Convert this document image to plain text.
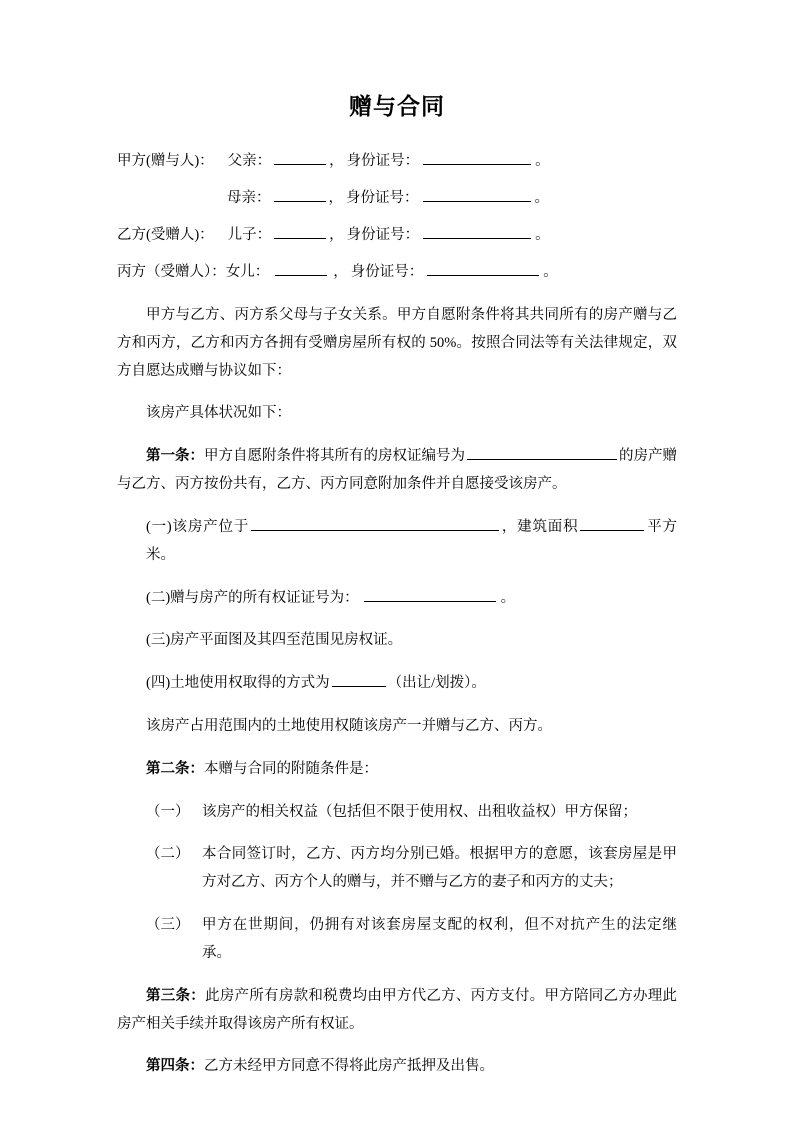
赠与合同
甲方(赠与人)： 父亲：	， 身份证号：	。
母亲：	， 身份证号：	。
乙方(受赠人)： 儿子：	， 身份证号：	。
丙方（受赠人）： 女儿：	， 身份证号：	。

甲方与乙方、丙方系父母与子女关系。甲方自愿附条件将其共同所有的房产赠与乙方和丙方，乙方和丙方各拥有受赠房屋所有权的 50%。按照合同法等有关法律规定，双方自愿达成赠与协议如下：

该房产具体状况如下：

第一条：甲方自愿附条件将其所有的房权证编号为	的房产赠与乙方、丙方按份共有，乙方、丙方同意附加条件并自愿接受该房产。

(一)该房产位于	，建筑面积	平方米。

(二)赠与房产的所有权证证号为：	。

(三)房产平面图及其四至范围见房权证。

(四)土地使用权取得的方式为	（出让/划拨）。

该房产占用范围内的土地使用权随该房产一并赠与乙方、丙方。

第二条：本赠与合同的附随条件是：

（一） 该房产的相关权益（包括但不限于使用权、出租收益权）甲方保留；
（二） 本合同签订时，乙方、丙方均分别已婚。根据甲方的意愿，该套房屋是甲方对乙方、丙方个人的赠与，并不赠与乙方的妻子和丙方的丈夫；
（三） 甲方在世期间，仍拥有对该套房屋支配的权利，但不对抗产生的法定继承。

第三条：此房产所有房款和税费均由甲方代乙方、丙方支付。甲方陪同乙方办理此房产相关手续并取得该房产所有权证。

第四条：乙方未经甲方同意不得将此房产抵押及出售。
